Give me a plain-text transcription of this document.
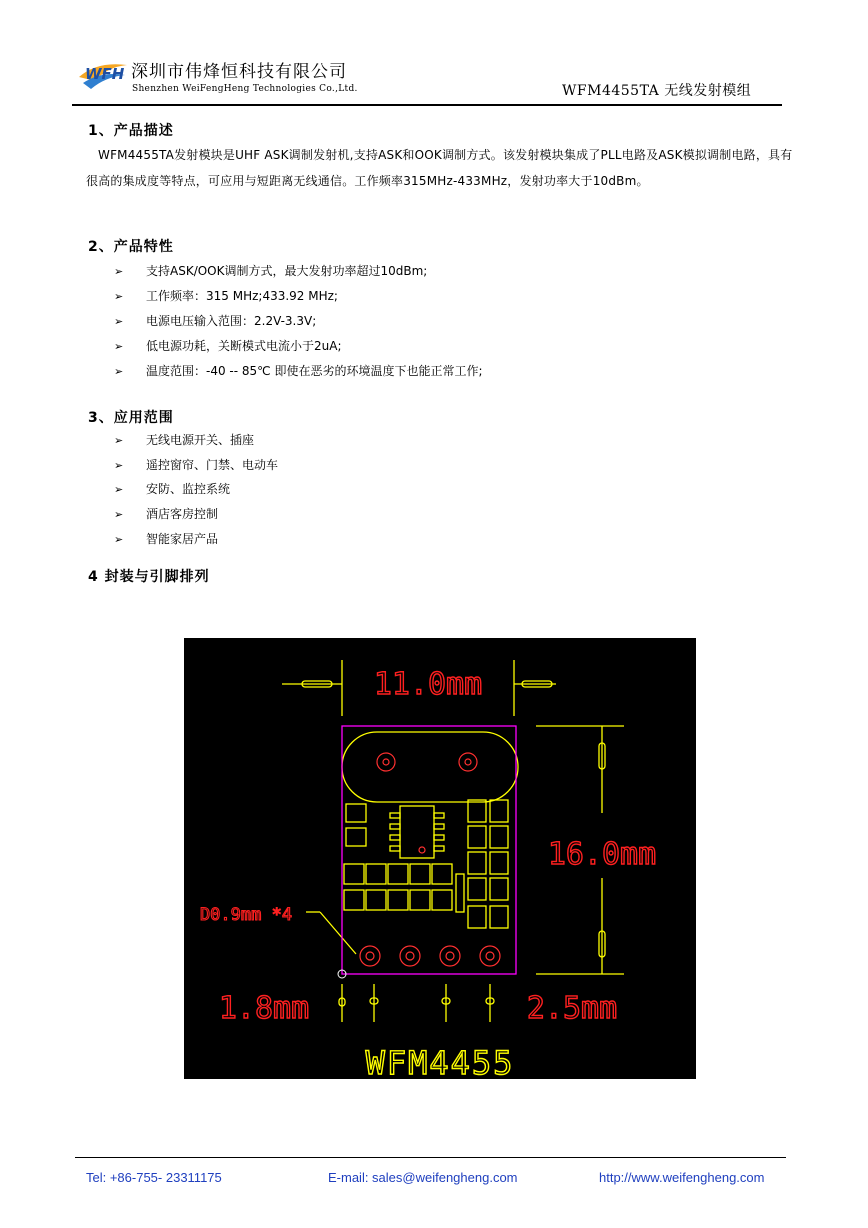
WFH 深圳市伟烽恒科技有限公司
Shenzhen WeiFengHeng Technologies Co.,Ltd.	WFM4455TA 无线发射模组
1、产品描述
WFM4455TA发射模块是UHF ASK调制发射机,支持ASK和OOK调制方式。该发射模块集成了PLL电路及ASK模拟调制电路，具有很高的集成度等特点，可应用与短距离无线通信。工作频率315MHz-433MHz，发射功率大于10dBm。
2、产品特性
➢ 支持ASK/OOK调制方式，最大发射功率超过10dBm;
➢ 工作频率：315 MHz;433.92 MHz;
➢ 电源电压输入范围：2.2V-3.3V;
➢ 低电源功耗，关断模式电流小于2uA;
➢ 温度范围：-40 -- 85℃ 即使在恶劣的环境温度下也能正常工作;
3、应用范围
➢ 无线电源开关、插座
➢ 遥控窗帘、门禁、电动车
➢ 安防、监控系统
➢ 酒店客房控制
➢ 智能家居产品
4 封装与引脚排列
11.0mm
16.0mm
D0.9mm *4
1.8mm	2.5mm
WFM4455
Tel: +86-755- 23311175	E-mail: sales@weifengheng.com	http://www.weifengheng.com
